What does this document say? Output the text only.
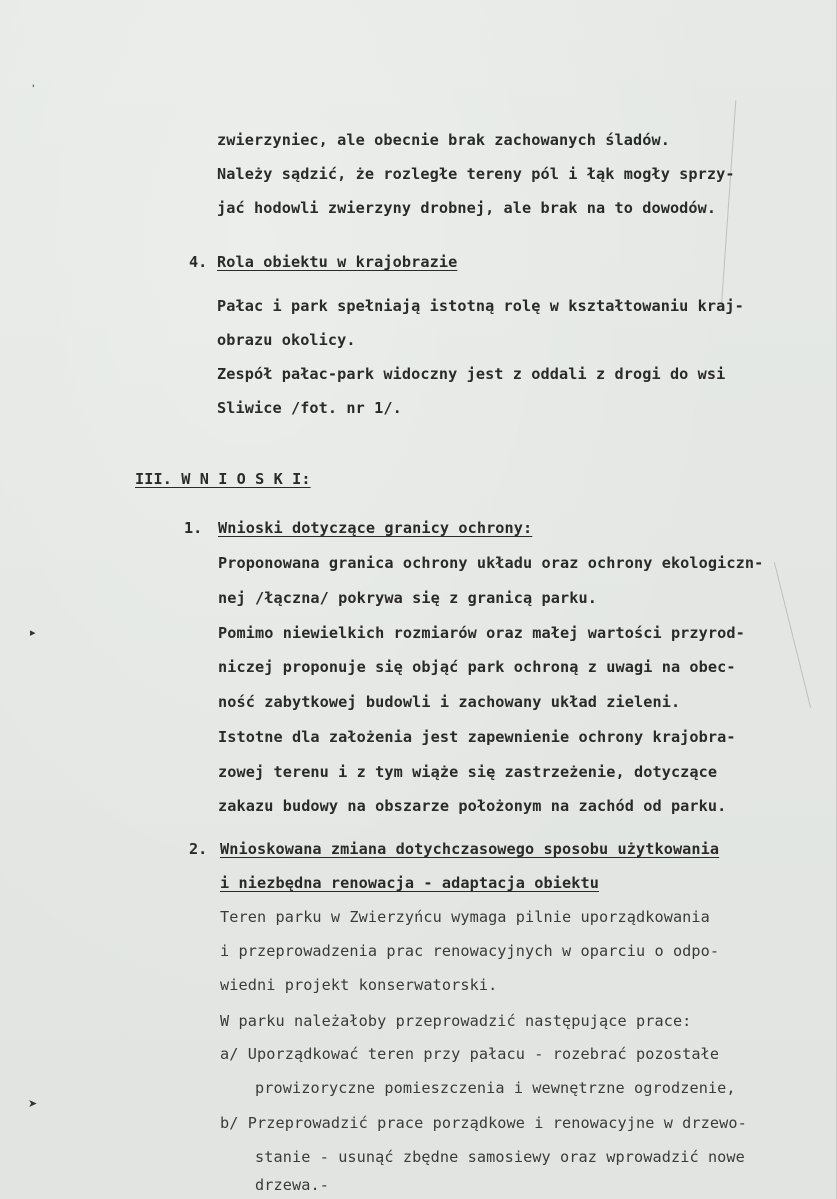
˒
▸
➤
zwierzyniec, ale obecnie brak zachowanych śladów.
Należy sądzić, że rozległe tereny pól i łąk mogły sprzy-
jać hodowli zwierzyny drobnej, ale brak na to dowodów.
4. Rola obiektu w krajobrazie
Pałac i park spełniają istotną rolę w kształtowaniu kraj-
obrazu okolicy.
Zespół pałac-park widoczny jest z oddali z drogi do wsi
Sliwice /fot. nr 1/.
III. W N I O S K I:
1. Wnioski dotyczące granicy ochrony:
Proponowana granica ochrony układu oraz ochrony ekologiczn-
nej /łączna/ pokrywa się z granicą parku.
Pomimo niewielkich rozmiarów oraz małej wartości przyrod-
niczej proponuje się objąć park ochroną z uwagi na obec-
ność zabytkowej budowli i zachowany układ zieleni.
Istotne dla założenia jest zapewnienie ochrony krajobra-
zowej terenu i z tym wiąże się zastrzeżenie, dotyczące
zakazu budowy na obszarze położonym na zachód od parku.
2. Wnioskowana zmiana dotychczasowego sposobu użytkowania
i niezbędna renowacja - adaptacja obiektu
Teren parku w Zwierzyńcu wymaga pilnie uporządkowania
i przeprowadzenia prac renowacyjnych w oparciu o odpo-
wiedni projekt konserwatorski.
W parku należałoby przeprowadzić następujące prace:
a/ Uporządkować teren przy pałacu - rozebrać pozostałe
prowizoryczne pomieszczenia i wewnętrzne ogrodzenie,
b/ Przeprowadzić prace porządkowe i renowacyjne w drzewo-
stanie - usunąć zbędne samosiewy oraz wprowadzić nowe
drzewa.-
